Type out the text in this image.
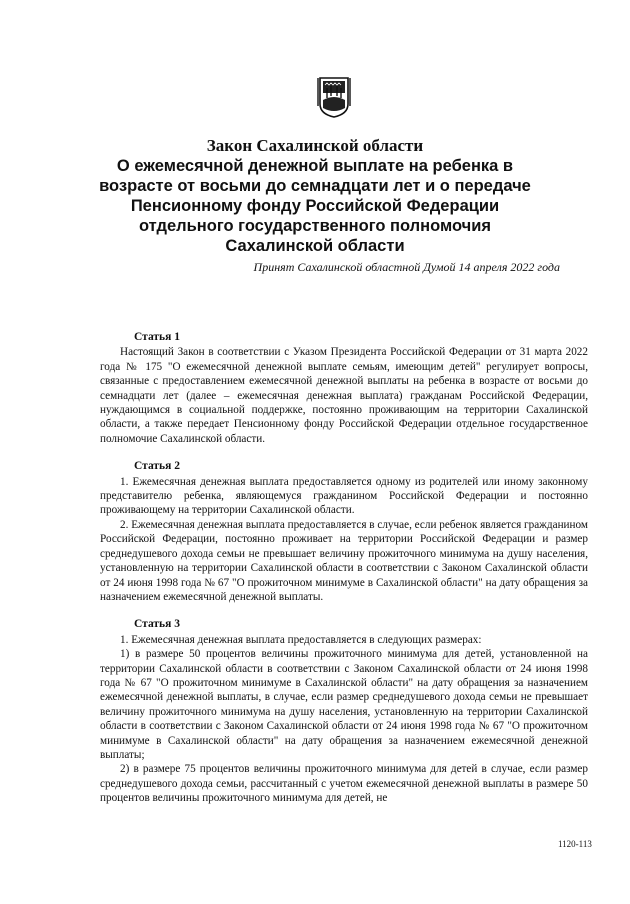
Закон Сахалинской области
О ежемесячной денежной выплате на ребенка в
возрасте от восьми до семнадцати лет и о передаче
Пенсионному фонду Российской Федерации
отдельного государственного полномочия
Сахалинской области
Принят Сахалинской областной Думой 14 апреля 2022 года
Статья 1

Настоящий Закон в соответствии с Указом Президента Российской Федерации от 31 марта 2022 года № 175 "О ежемесячной денежной выплате семьям, имеющим детей" регулирует вопросы, связанные с предоставлением ежемесячной денежной выплаты на ребенка в возрасте от восьми до семнадцати лет (далее – ежемесячная денежная выплата) гражданам Российской Федерации, нуждающимся в социальной поддержке, постоянно проживающим на территории Сахалинской области, а также передает Пенсионному фонду Российской Федерации отдельное государственное полномочие Сахалинской области.

Статья 2

1. Ежемесячная денежная выплата предоставляется одному из родителей или иному законному представителю ребенка, являющемуся гражданином Российской Федерации и постоянно проживающему на территории Сахалинской области.

2. Ежемесячная денежная выплата предоставляется в случае, если ребенок является гражданином Российской Федерации, постоянно проживает на территории Российской Федерации и размер среднедушевого дохода семьи не превышает величину прожиточного минимума на душу населения, установленную на территории Сахалинской области в соответствии с Законом Сахалинской области от 24 июня 1998 года № 67 "О прожиточном минимуме в Сахалинской области" на дату обращения за назначением ежемесячной денежной выплаты.

Статья 3

1. Ежемесячная денежная выплата предоставляется в следующих размерах:

1) в размере 50 процентов величины прожиточного минимума для детей, установленной на территории Сахалинской области в соответствии с Законом Сахалинской области от 24 июня 1998 года № 67 "О прожиточном минимуме в Сахалинской области" на дату обращения за назначением ежемесячной денежной выплаты, в случае, если размер среднедушевого дохода семьи не превышает величину прожиточного минимума на душу населения, установленную на территории Сахалинской области в соответствии с Законом Сахалинской области от 24 июня 1998 года № 67 "О прожиточном минимуме в Сахалинской области" на дату обращения за назначением ежемесячной денежной выплаты;

2) в размере 75 процентов величины прожиточного минимума для детей в случае, если размер среднедушевого дохода семьи, рассчитанный с учетом ежемесячной денежной выплаты в размере 50 процентов величины прожиточного минимума для детей, не

1120-113
